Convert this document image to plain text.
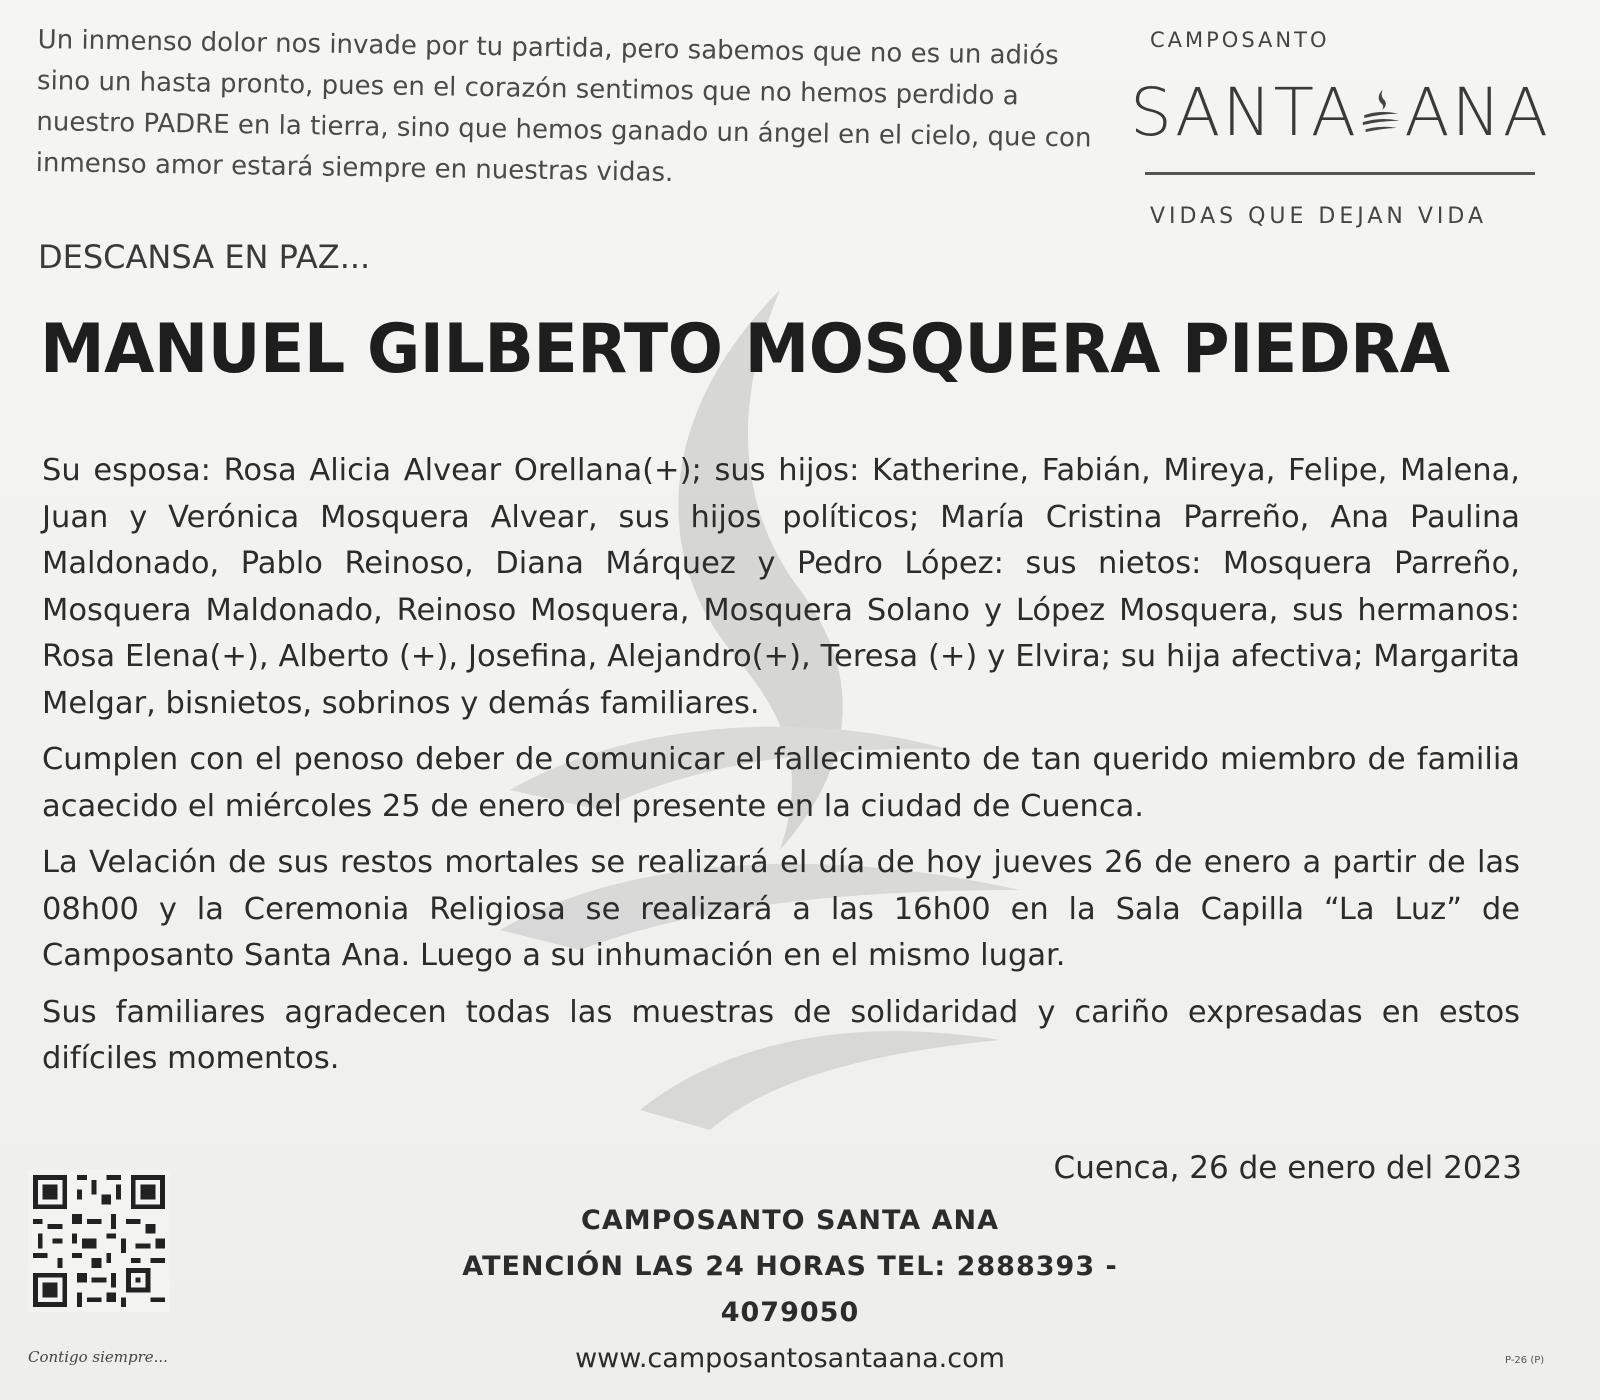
Un inmenso dolor nos invade por tu partida, pero sabemos que no es un adiós sino un hasta pronto, pues en el corazón sentimos que no hemos perdido a nuestro PADRE en la tierra, sino que hemos ganado un ángel en el cielo, que con inmenso amor estará siempre en nuestras vidas.
CAMPOSANTO
SANTA ANA
VIDAS QUE DEJAN VIDA
DESCANSA EN PAZ...
MANUEL GILBERTO MOSQUERA PIEDRA

Su esposa: Rosa Alicia Alvear Orellana(+); sus hijos: Katherine, Fabián, Mireya, Felipe, Malena, Juan y Verónica Mosquera Alvear, sus hijos políticos; María Cristina Parreño, Ana Paulina Maldonado, Pablo Reinoso, Diana Márquez y Pedro López: sus nietos: Mosquera Parreño, Mosquera Maldonado, Reinoso Mosquera, Mosquera Solano y López Mosquera, sus hermanos: Rosa Elena(+), Alberto (+), Josefina, Alejandro(+), Teresa (+) y Elvira; su hija afectiva; Margarita Melgar, bisnietos, sobrinos y demás familiares.

Cumplen con el penoso deber de comunicar el fallecimiento de tan querido miembro de familia acaecido el miércoles 25 de enero del presente en la ciudad de Cuenca.

La Velación de sus restos mortales se realizará el día de hoy jueves 26 de enero a partir de las 08h00 y la Ceremonia Religiosa se realizará a las 16h00 en la Sala Capilla “La Luz” de Camposanto Santa Ana. Luego a su inhumación en el mismo lugar.

Sus familiares agradecen todas las muestras de solidaridad y cariño expresadas en estos difíciles momentos.

Cuenca, 26 de enero del 2023
CAMPOSANTO SANTA ANA
ATENCIÓN LAS 24 HORAS TEL: 2888393 - 4079050
www.camposantosantaana.com
Contigo siempre...	P-26 (P)
